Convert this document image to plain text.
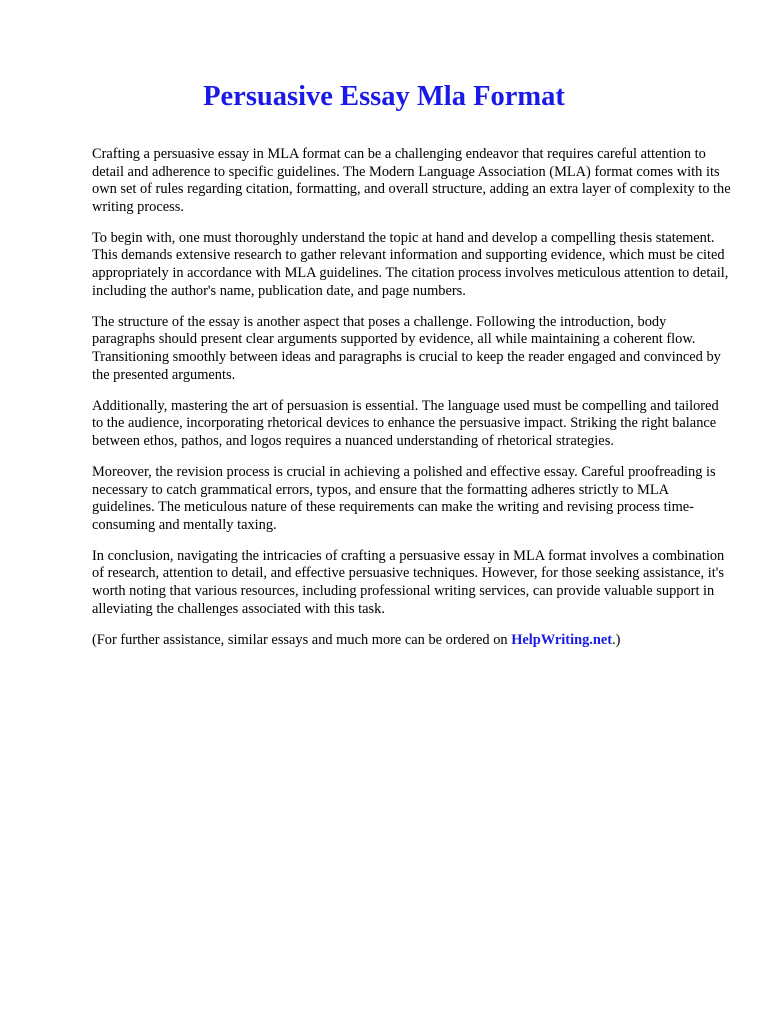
Persuasive Essay Mla Format

Crafting a persuasive essay in MLA format can be a challenging endeavor that requires careful attention to detail and adherence to specific guidelines. The Modern Language Association (MLA) format comes with its own set of rules regarding citation, formatting, and overall structure, adding an extra layer of complexity to the writing process.

To begin with, one must thoroughly understand the topic at hand and develop a compelling thesis statement. This demands extensive research to gather relevant information and supporting evidence, which must be cited appropriately in accordance with MLA guidelines. The citation process involves meticulous attention to detail, including the author's name, publication date, and page numbers.

The structure of the essay is another aspect that poses a challenge. Following the introduction, body paragraphs should present clear arguments supported by evidence, all while maintaining a coherent flow. Transitioning smoothly between ideas and paragraphs is crucial to keep the reader engaged and convinced by the presented arguments.

Additionally, mastering the art of persuasion is essential. The language used must be compelling and tailored to the audience, incorporating rhetorical devices to enhance the persuasive impact. Striking the right balance between ethos, pathos, and logos requires a nuanced understanding of rhetorical strategies.

Moreover, the revision process is crucial in achieving a polished and effective essay. Careful proofreading is necessary to catch grammatical errors, typos, and ensure that the formatting adheres strictly to MLA guidelines. The meticulous nature of these requirements can make the writing and revising process time-consuming and mentally taxing.

In conclusion, navigating the intricacies of crafting a persuasive essay in MLA format involves a combination of research, attention to detail, and effective persuasive techniques. However, for those seeking assistance, it's worth noting that various resources, including professional writing services, can provide valuable support in alleviating the challenges associated with this task.

(For further assistance, similar essays and much more can be ordered on HelpWriting.net.)
